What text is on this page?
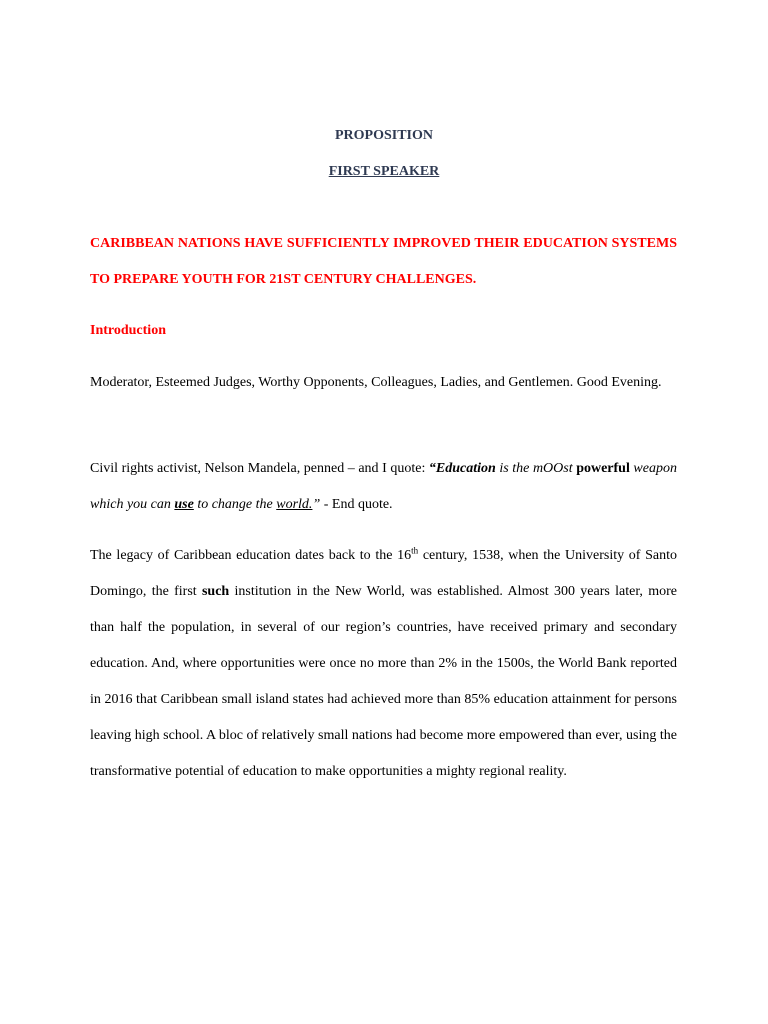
PROPOSITION
FIRST SPEAKER

CARIBBEAN NATIONS HAVE SUFFICIENTLY IMPROVED THEIR EDUCATION SYSTEMS TO PREPARE YOUTH FOR 21ST CENTURY CHALLENGES.

Introduction

Moderator, Esteemed Judges, Worthy Opponents, Colleagues, Ladies, and Gentlemen. Good Evening.

Civil rights activist, Nelson Mandela, penned – and I quote: “Education is the mOOst powerful weapon which you can use to change the world.” - End quote.

The legacy of Caribbean education dates back to the 16th century, 1538, when the University of Santo Domingo, the first such institution in the New World, was established. Almost 300 years later, more than half the population, in several of our region’s countries, have received primary and secondary education. And, where opportunities were once no more than 2% in the 1500s, the World Bank reported in 2016 that Caribbean small island states had achieved more than 85% education attainment for persons leaving high school. A bloc of relatively small nations had become more empowered than ever, using the transformative potential of education to make opportunities a mighty regional reality.
